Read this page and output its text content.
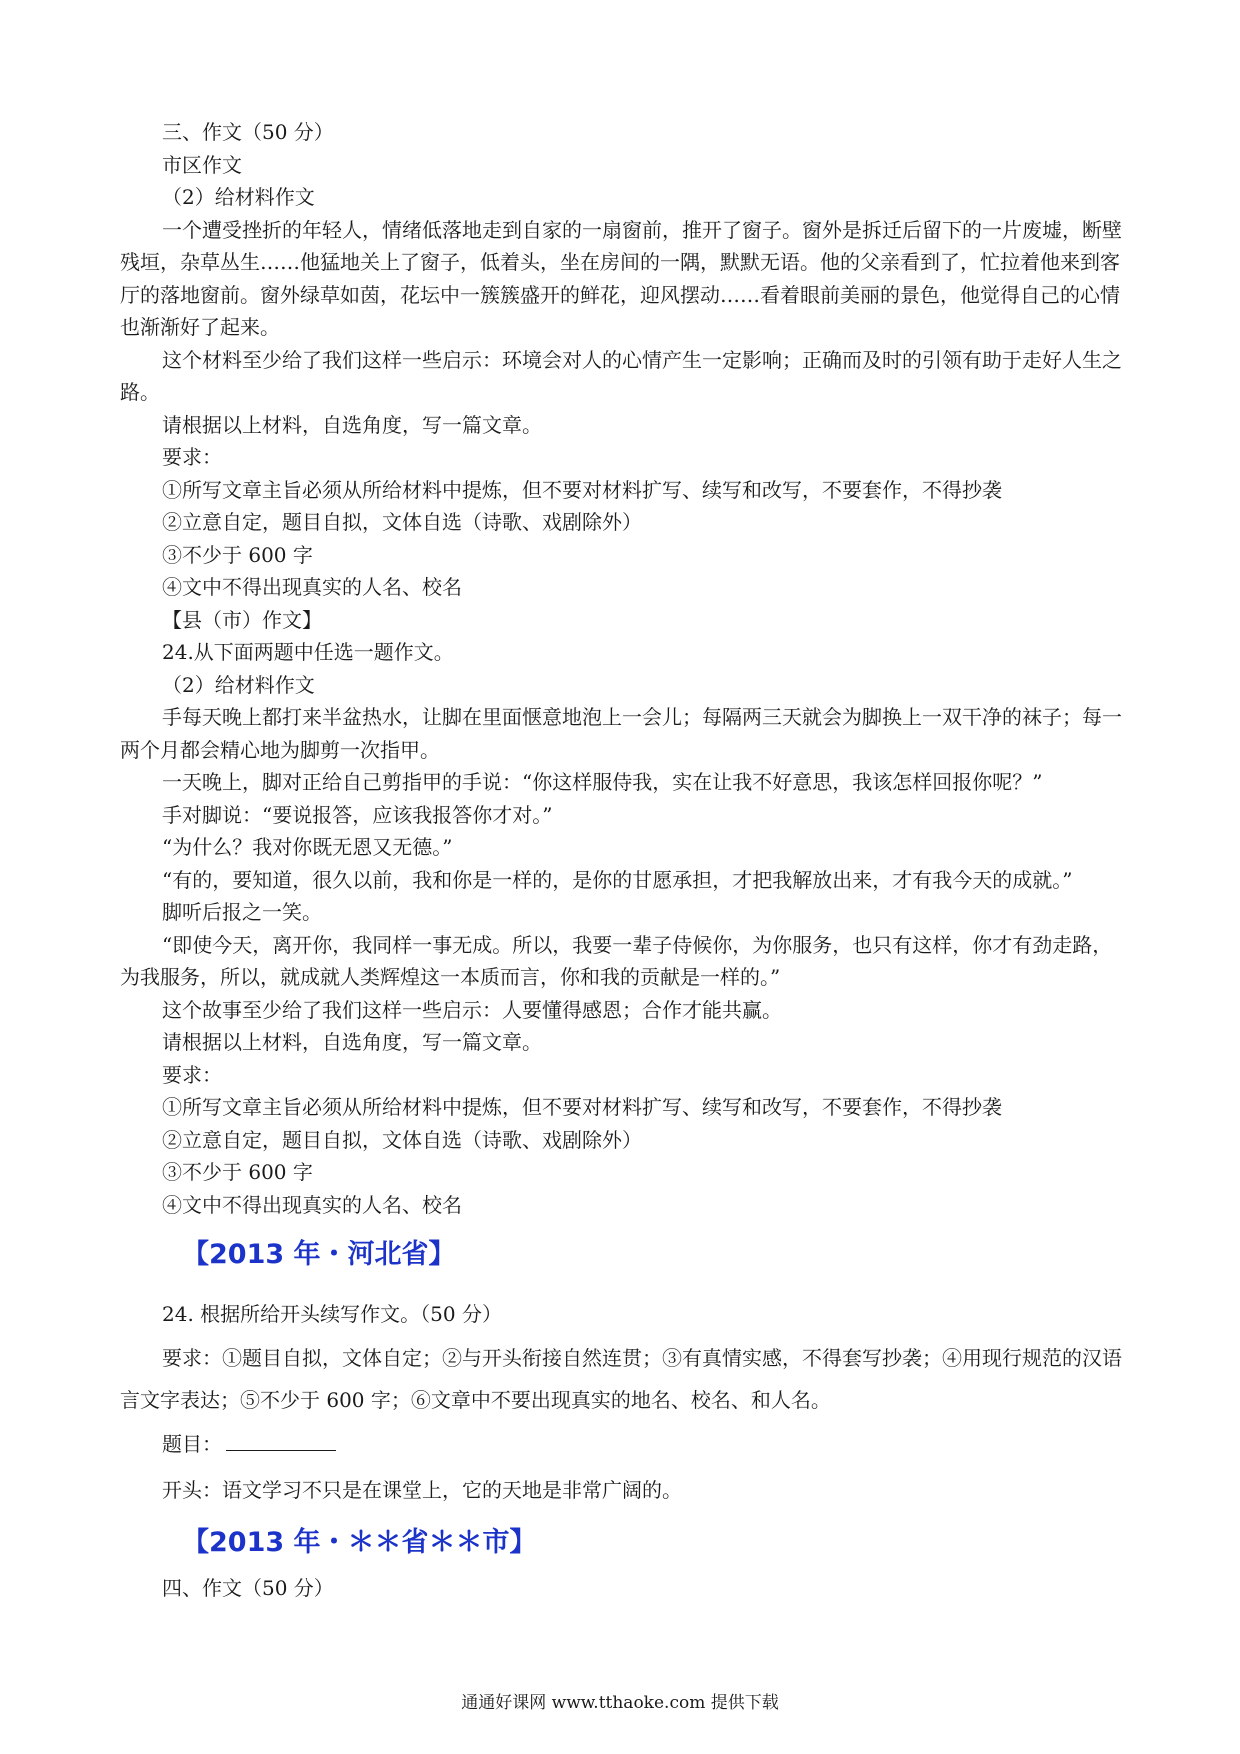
三、作文（50 分）

市区作文

（2）给材料作文

一个遭受挫折的年轻人，情绪低落地走到自家的一扇窗前，推开了窗子。窗外是拆迁后留下的一片废墟，断壁残垣，杂草丛生……他猛地关上了窗子，低着头，坐在房间的一隅，默默无语。他的父亲看到了，忙拉着他来到客厅的落地窗前。窗外绿草如茵，花坛中一簇簇盛开的鲜花，迎风摆动……看着眼前美丽的景色，他觉得自己的心情也渐渐好了起来。

这个材料至少给了我们这样一些启示：环境会对人的心情产生一定影响；正确而及时的引领有助于走好人生之路。

请根据以上材料，自选角度，写一篇文章。

要求：

①所写文章主旨必须从所给材料中提炼，但不要对材料扩写、续写和改写，不要套作，不得抄袭

②立意自定，题目自拟，文体自选（诗歌、戏剧除外）

③不少于 600 字

④文中不得出现真实的人名、校名

【县（市）作文】

24.从下面两题中任选一题作文。

（2）给材料作文

手每天晚上都打来半盆热水，让脚在里面惬意地泡上一会儿；每隔两三天就会为脚换上一双干净的袜子；每一两个月都会精心地为脚剪一次指甲。

一天晚上，脚对正给自己剪指甲的手说：“你这样服侍我，实在让我不好意思，我该怎样回报你呢？”

手对脚说：“要说报答，应该我报答你才对。”

“为什么？我对你既无恩又无德。”

“有的，要知道，很久以前，我和你是一样的，是你的甘愿承担，才把我解放出来，才有我今天的成就。”

脚听后报之一笑。

“即使今天，离开你，我同样一事无成。所以，我要一辈子侍候你，为你服务，也只有这样，你才有劲走路，为我服务，所以，就成就人类辉煌这一本质而言，你和我的贡献是一样的。”

这个故事至少给了我们这样一些启示：人要懂得感恩；合作才能共赢。

请根据以上材料，自选角度，写一篇文章。

要求：

①所写文章主旨必须从所给材料中提炼，但不要对材料扩写、续写和改写，不要套作，不得抄袭

②立意自定，题目自拟，文体自选（诗歌、戏剧除外）

③不少于 600 字

④文中不得出现真实的人名、校名

【2013 年・河北省】

24. 根据所给开头续写作文。（50 分）

要求：①题目自拟，文体自定；②与开头衔接自然连贯；③有真情实感，不得套写抄袭；④用现行规范的汉语言文字表达；⑤不少于 600 字；⑥文章中不要出现真实的地名、校名、和人名。

题目：

开头：语文学习不只是在课堂上，它的天地是非常广阔的。

【2013 年・＊＊省＊＊市】

四、作文（50 分）

通通好课网 www.tthaoke.com 提供下载
